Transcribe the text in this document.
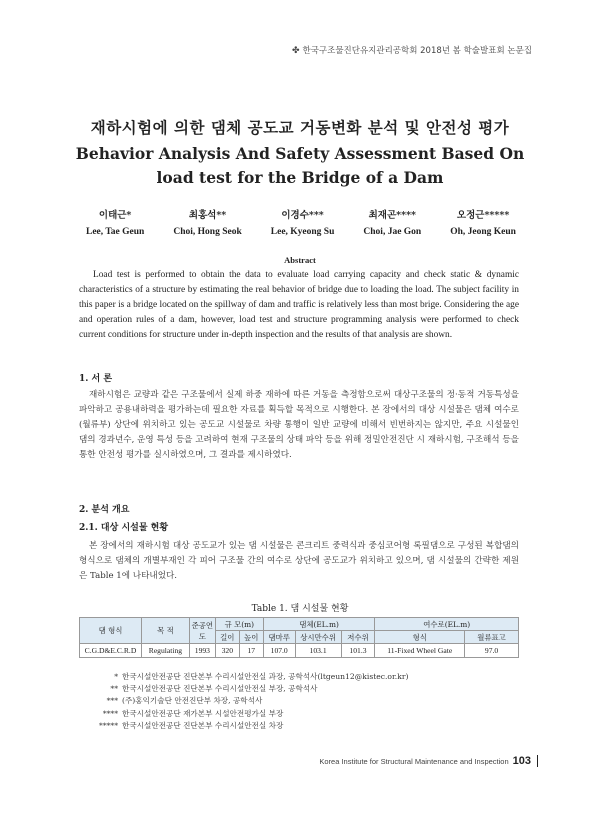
✤ 한국구조물진단유지관리공학회 2018년 봄 학술발표회 논문집
재하시험에 의한 댐체 공도교 거동변화 분석 및 안전성 평가
Behavior Analysis And Safety Assessment Based On load test for the Bridge of a Dam
이태근*
Lee, Tae Geun
최홍석**
Choi, Hong Seok
이경수***
Lee, Kyeong Su
최재곤****
Choi, Jae Gon
오정근*****
Oh, Jeong Keun
Abstract
Load test is performed to obtain the data to evaluate load carrying capacity and check static & dynamic characteristics of a structure by estimating the real behavior of bridge due to loading the load. The subject facility in this paper is a bridge located on the spillway of dam and traffic is relatively less than most brige. Considering the age and operation rules of a dam, however, load test and structure programming analysis were performed to check current conditions for structure under in-depth inspection and the results of that analysis are shown.
1. 서 론
재하시험은 교량과 같은 구조물에서 실제 하중 재하에 따른 거동을 측정함으로써 대상구조물의 정·동적 거동특성을 파악하고 공용내하력을 평가하는데 필요한 자료를 획득할 목적으로 시행한다. 본 장에서의 대상 시설물은 댐체 여수로(월류부) 상단에 위치하고 있는 공도교 시설물로 차량 통행이 일반 교량에 비해서 빈번하지는 않지만, 주요 시설물인 댐의 경과년수, 운영 특성 등을 고려하여 현재 구조물의 상태 파악 등을 위해 정밀안전진단 시 재하시험, 구조해석 등을 통한 안전성 평가를 실시하였으며, 그 결과를 제시하였다.
2. 분석 개요
2.1. 대상 시설물 현황
본 장에서의 재하시험 대상 공도교가 있는 댐 시설물은 콘크리트 중력식과 중심코어형 록필댐으로 구성된 복합댐의 형식으로 댐체의 개별부재인 각 피어 구조물 간의 여수로 상단에 공도교가 위치하고 있으며, 댐 시설물의 간략한 제원은 Table 1에 나타내었다.
Table 1. 댐 시설물 현황
댐 형식	목 적	준공연도	규 모(m)		댐체(EL.m)			여수로(EL.m)	
			길이	높이	댐마루	상시만수위	저수위	형식	월류표고
C.G.D&E.C.R.D	Regulating	1993	320	17	107.0	103.1	101.3	11-Fixed Wheel Gate	97.0
* 한국시설안전공단 진단본부 수리시설안전실 과장, 공학석사(ltgeun12@kistec.or.kr)
** 한국시설안전공단 진단본부 수리시설안전실 부장, 공학석사
*** (주)홍익기술단 안전진단부 차장, 공학석사
**** 한국시설안전공단 재가본부 시설안전평가실 부장
***** 한국시설안전공단 진단본부 수리시설안전실 차장
Korea Institute for Structural Maintenance and Inspection 103
